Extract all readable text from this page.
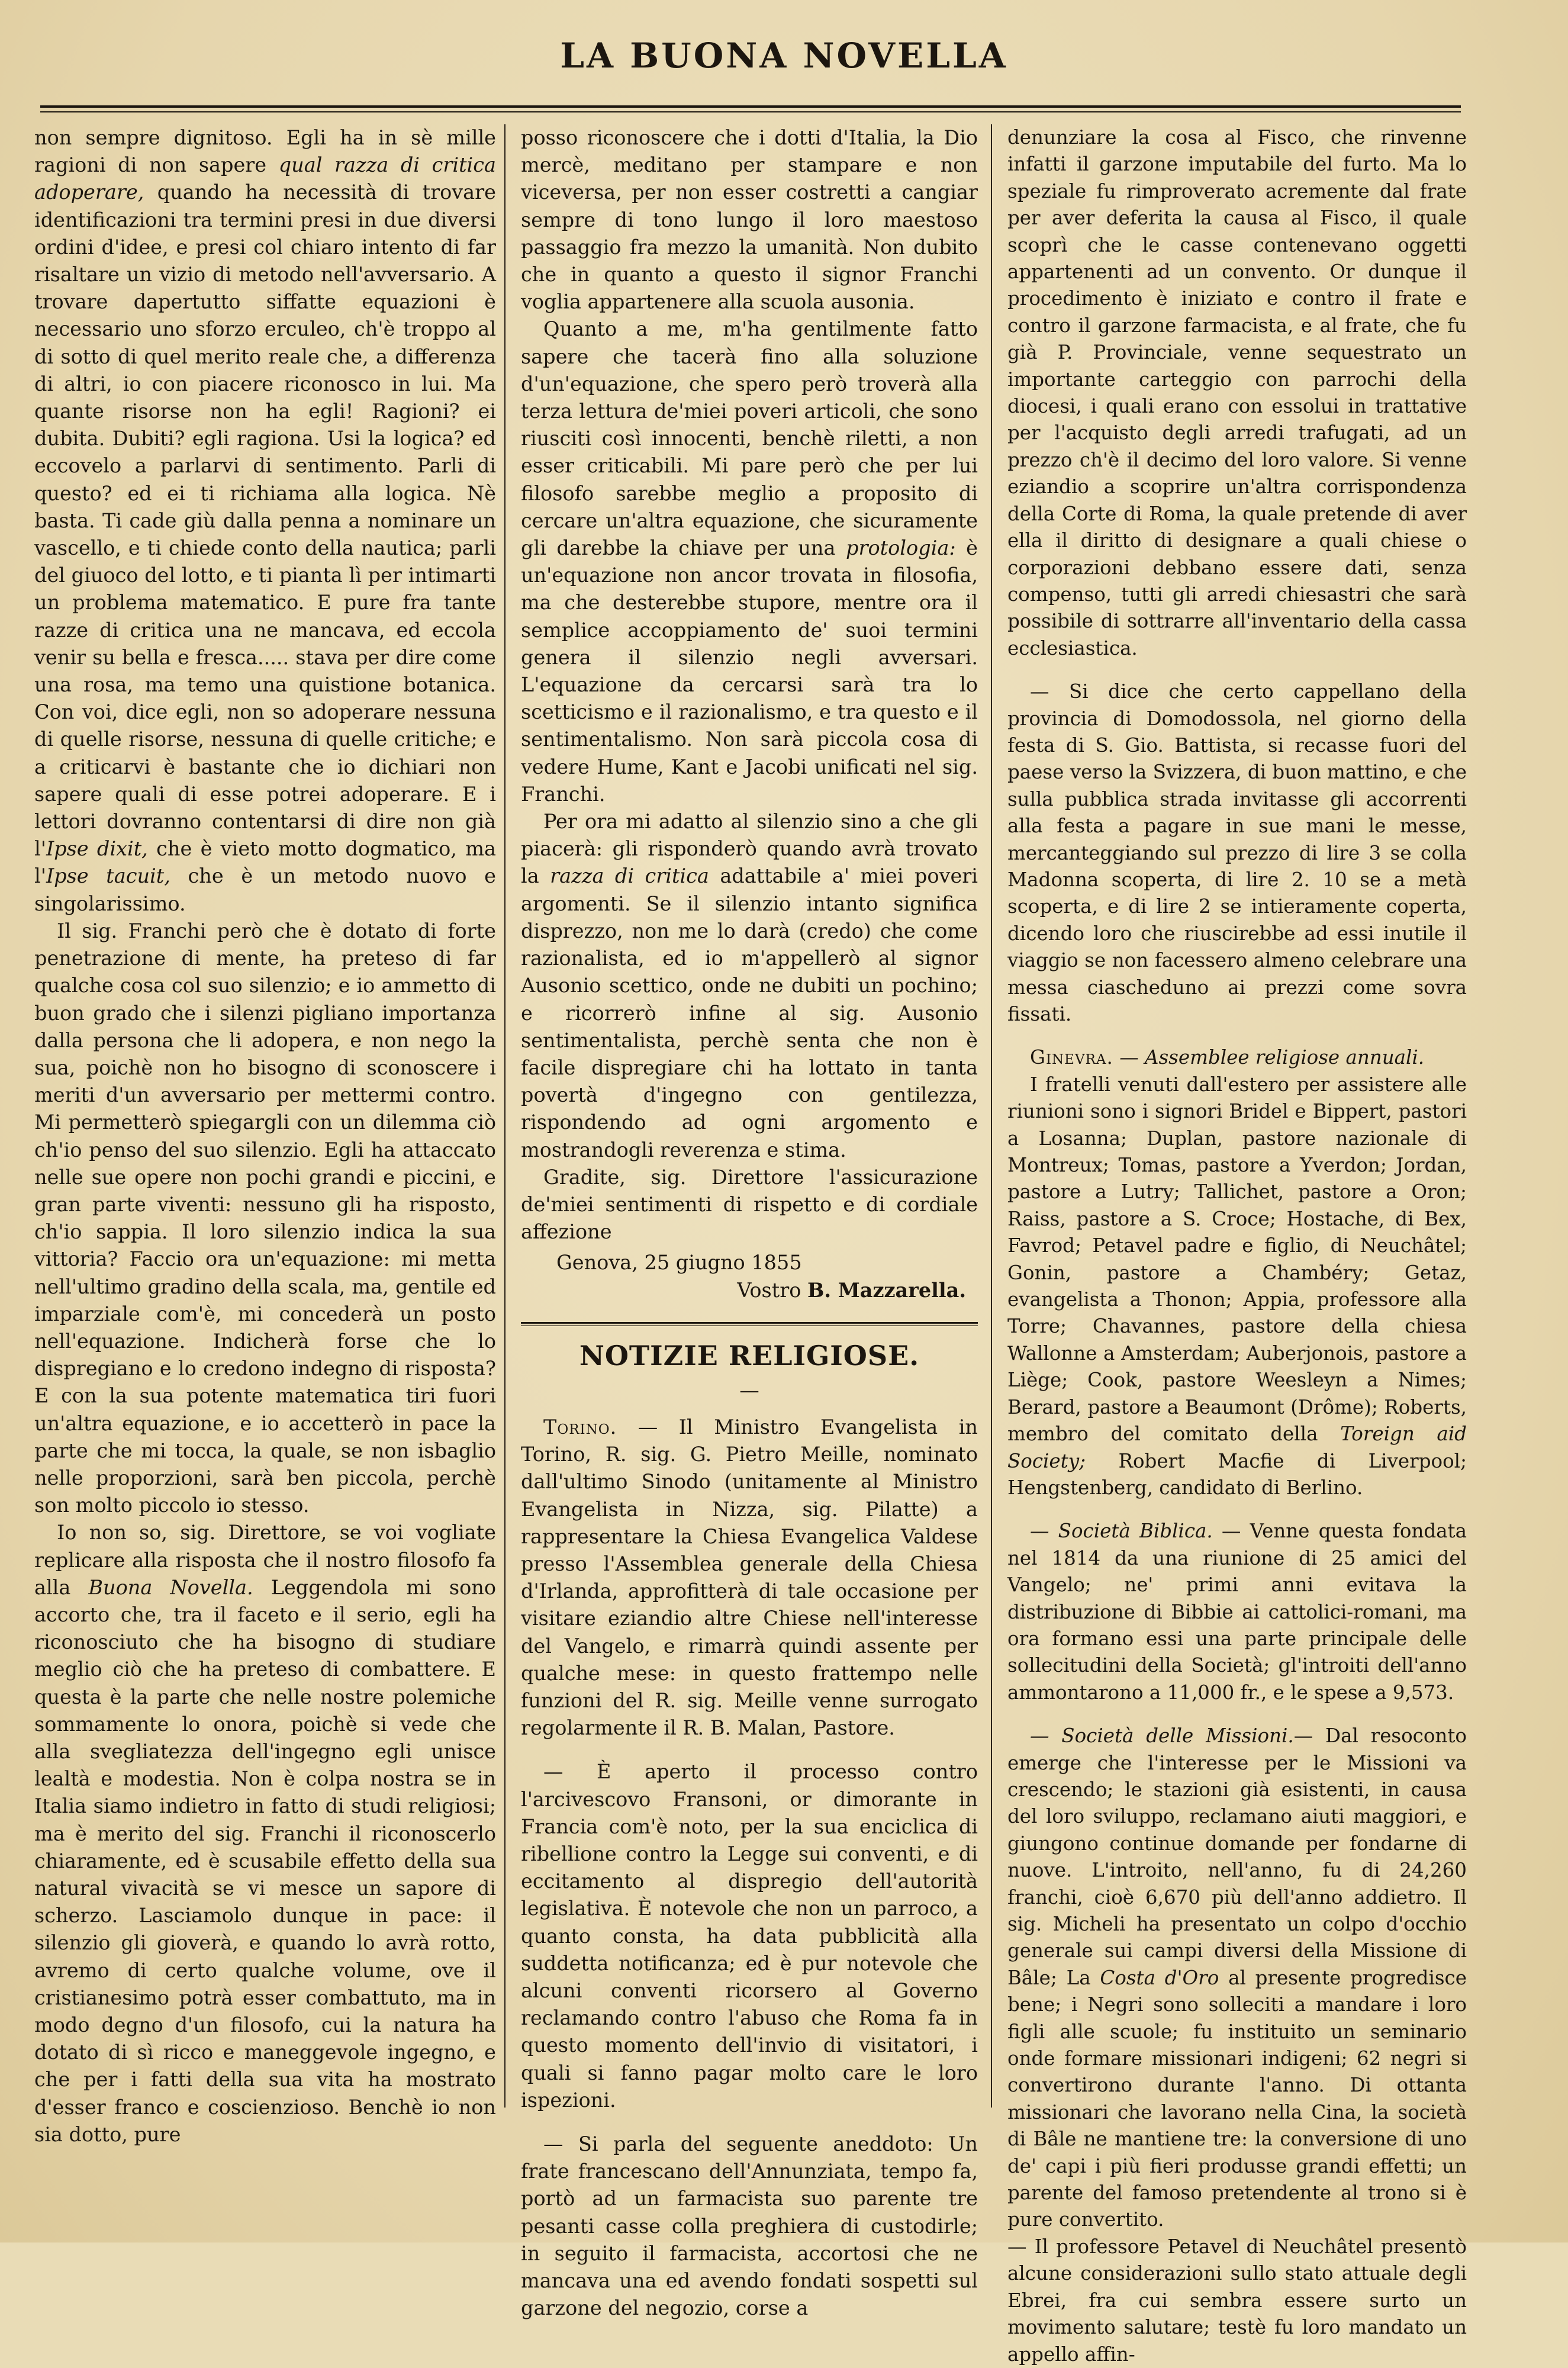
LA BUONA NOVELLA

non sempre dignitoso. Egli ha in sè mille ragioni di non sapere qual razza di critica adoperare, quando ha necessità di trovare identificazioni tra termini presi in due diversi ordini d'idee, e presi col chiaro intento di far risaltare un vizio di metodo nell'avversario. A trovare dapertutto siffatte equazioni è necessario uno sforzo erculeo, ch'è troppo al di sotto di quel merito reale che, a differenza di altri, io con piacere riconosco in lui. Ma quante risorse non ha egli! Ragioni? ei dubita. Dubiti? egli ragiona. Usi la logica? ed eccovelo a parlarvi di sentimento. Parli di questo? ed ei ti richiama alla logica. Nè basta. Ti cade giù dalla penna a nominare un vascello, e ti chiede conto della nautica; parli del giuoco del lotto, e ti pianta lì per intimarti un problema matematico. E pure fra tante razze di critica una ne mancava, ed eccola venir su bella e fresca..... stava per dire come una rosa, ma temo una quistione botanica. Con voi, dice egli, non so adoperare nessuna di quelle risorse, nessuna di quelle critiche; e a criticarvi è bastante che io dichiari non sapere quali di esse potrei adoperare. E i lettori dovranno contentarsi di dire non già l'Ipse dixit, che è vieto motto dogmatico, ma l'Ipse tacuit, che è un metodo nuovo e singolarissimo.

Il sig. Franchi però che è dotato di forte penetrazione di mente, ha preteso di far qualche cosa col suo silenzio; e io ammetto di buon grado che i silenzi pigliano importanza dalla persona che li adopera, e non nego la sua, poichè non ho bisogno di sconoscere i meriti d'un avversario per mettermi contro. Mi permetterò spiegargli con un dilemma ciò ch'io penso del suo silenzio. Egli ha attaccato nelle sue opere non pochi grandi e piccini, e gran parte viventi: nessuno gli ha risposto, ch'io sappia. Il loro silenzio indica la sua vittoria? Faccio ora un'equazione: mi metta nell'ultimo gradino della scala, ma, gentile ed imparziale com'è, mi concederà un posto nell'equazione. Indicherà forse che lo dispregiano e lo credono indegno di risposta? E con la sua potente matematica tiri fuori un'altra equazione, e io accetterò in pace la parte che mi tocca, la quale, se non isbaglio nelle proporzioni, sarà ben piccola, perchè son molto piccolo io stesso.

Io non so, sig. Direttore, se voi vogliate replicare alla risposta che il nostro filosofo fa alla Buona Novella. Leggendola mi sono accorto che, tra il faceto e il serio, egli ha riconosciuto che ha bisogno di studiare meglio ciò che ha preteso di combattere. E questa è la parte che nelle nostre polemiche sommamente lo onora, poichè si vede che alla svegliatezza dell'ingegno egli unisce lealtà e modestia. Non è colpa nostra se in Italia siamo indietro in fatto di studi religiosi; ma è merito del sig. Franchi il riconoscerlo chiaramente, ed è scusabile effetto della sua natural vivacità se vi mesce un sapore di scherzo. Lasciamolo dunque in pace: il silenzio gli gioverà, e quando lo avrà rotto, avremo di certo qualche volume, ove il cristianesimo potrà esser combattuto, ma in modo degno d'un filosofo, cui la natura ha dotato di sì ricco e maneggevole ingegno, e che per i fatti della sua vita ha mostrato d'esser franco e coscienzioso. Benchè io non sia dotto, pure

posso riconoscere che i dotti d'Italia, la Dio mercè, meditano per stampare e non viceversa, per non esser costretti a cangiar sempre di tono lungo il loro maestoso passaggio fra mezzo la umanità. Non dubito che in quanto a questo il signor Franchi voglia appartenere alla scuola ausonia.

Quanto a me, m'ha gentilmente fatto sapere che tacerà fino alla soluzione d'un'equazione, che spero però troverà alla terza lettura de'miei poveri articoli, che sono riusciti così innocenti, benchè riletti, a non esser criticabili. Mi pare però che per lui filosofo sarebbe meglio a proposito di cercare un'altra equazione, che sicuramente gli darebbe la chiave per una protologia: è un'equazione non ancor trovata in filosofia, ma che desterebbe stupore, mentre ora il semplice accoppiamento de' suoi termini genera il silenzio negli avversari. L'equazione da cercarsi sarà tra lo scetticismo e il razionalismo, e tra questo e il sentimentalismo. Non sarà piccola cosa di vedere Hume, Kant e Jacobi unificati nel sig. Franchi.

Per ora mi adatto al silenzio sino a che gli piacerà: gli risponderò quando avrà trovato la razza di critica adattabile a' miei poveri argomenti. Se il silenzio intanto significa disprezzo, non me lo darà (credo) che come razionalista, ed io m'appellerò al signor Ausonio scettico, onde ne dubiti un pochino; e ricorrerò infine al sig. Ausonio sentimentalista, perchè senta che non è facile dispregiare chi ha lottato in tanta povertà d'ingegno con gentilezza, rispondendo ad ogni argomento e mostrandogli reverenza e stima.

Gradite, sig. Direttore l'assicurazione de'miei sentimenti di rispetto e di cordiale affezione

Genova, 25 giugno 1855

Vostro B. Mazzarella.

NOTIZIE RELIGIOSE.
—

Torino. — Il Ministro Evangelista in Torino, R. sig. G. Pietro Meille, nominato dall'ultimo Sinodo (unitamente al Ministro Evangelista in Nizza, sig. Pilatte) a rappresentare la Chiesa Evangelica Valdese presso l'Assemblea generale della Chiesa d'Irlanda, approfitterà di tale occasione per visitare eziandio altre Chiese nell'interesse del Vangelo, e rimarrà quindi assente per qualche mese: in questo frattempo nelle funzioni del R. sig. Meille venne surrogato regolarmente il R. B. Malan, Pastore.

— È aperto il processo contro l'arcivescovo Fransoni, or dimorante in Francia com'è noto, per la sua enciclica di ribellione contro la Legge sui conventi, e di eccitamento al dispregio dell'autorità legislativa. È notevole che non un parroco, a quanto consta, ha data pubblicità alla suddetta notificanza; ed è pur notevole che alcuni conventi ricorsero al Governo reclamando contro l'abuso che Roma fa in questo momento dell'invio di visitatori, i quali si fanno pagar molto care le loro ispezioni.

— Si parla del seguente aneddoto: Un frate francescano dell'Annunziata, tempo fa, portò ad un farmacista suo parente tre pesanti casse colla preghiera di custodirle; in seguito il farmacista, accortosi che ne mancava una ed avendo fondati sospetti sul garzone del negozio, corse a

denunziare la cosa al Fisco, che rinvenne infatti il garzone imputabile del furto. Ma lo speziale fu rimproverato acremente dal frate per aver deferita la causa al Fisco, il quale scoprì che le casse contenevano oggetti appartenenti ad un convento. Or dunque il procedimento è iniziato e contro il frate e contro il garzone farmacista, e al frate, che fu già P. Provinciale, venne sequestrato un importante carteggio con parrochi della diocesi, i quali erano con essolui in trattative per l'acquisto degli arredi trafugati, ad un prezzo ch'è il decimo del loro valore. Si venne eziandio a scoprire un'altra corrispondenza della Corte di Roma, la quale pretende di aver ella il diritto di designare a quali chiese o corporazioni debbano essere dati, senza compenso, tutti gli arredi chiesastri che sarà possibile di sottrarre all'inventario della cassa ecclesiastica.

— Si dice che certo cappellano della provincia di Domodossola, nel giorno della festa di S. Gio. Battista, si recasse fuori del paese verso la Svizzera, di buon mattino, e che sulla pubblica strada invitasse gli accorrenti alla festa a pagare in sue mani le messe, mercanteggiando sul prezzo di lire 3 se colla Madonna scoperta, di lire 2. 10 se a metà scoperta, e di lire 2 se intieramente coperta, dicendo loro che riuscirebbe ad essi inutile il viaggio se non facessero almeno celebrare una messa ciascheduno ai prezzi come sovra fissati.

Ginevra. — Assemblee religiose annuali.

I fratelli venuti dall'estero per assistere alle riunioni sono i signori Bridel e Bippert, pastori a Losanna; Duplan, pastore nazionale di Montreux; Tomas, pastore a Yverdon; Jordan, pastore a Lutry; Tallichet, pastore a Oron; Raiss, pastore a S. Croce; Hostache, di Bex, Favrod; Petavel padre e figlio, di Neuchâtel; Gonin, pastore a Chambéry; Getaz, evangelista a Thonon; Appia, professore alla Torre; Chavannes, pastore della chiesa Wallonne a Amsterdam; Auberjonois, pastore a Liège; Cook, pastore Weesleyn a Nimes; Berard, pastore a Beaumont (Drôme); Roberts, membro del comitato della Toreign aid Society; Robert Macfie di Liverpool; Hengstenberg, candidato di Berlino.

— Società Biblica. — Venne questa fondata nel 1814 da una riunione di 25 amici del Vangelo; ne' primi anni evitava la distribuzione di Bibbie ai cattolici-romani, ma ora formano essi una parte principale delle sollecitudini della Società; gl'introiti dell'anno ammontarono a 11,000 fr., e le spese a 9,573.

— Società delle Missioni.— Dal resoconto emerge che l'interesse per le Missioni va crescendo; le stazioni già esistenti, in causa del loro sviluppo, reclamano aiuti maggiori, e giungono continue domande per fondarne di nuove. L'introito, nell'anno, fu di 24,260 franchi, cioè 6,670 più dell'anno addietro. Il sig. Micheli ha presentato un colpo d'occhio generale sui campi diversi della Missione di Bâle; La Costa d'Oro al presente progredisce bene; i Negri sono solleciti a mandare i loro figli alle scuole; fu instituito un seminario onde formare missionari indigeni; 62 negri si convertirono durante l'anno. Di ottanta missionari che lavorano nella Cina, la società di Bâle ne mantiene tre: la conversione di uno de' capi i più fieri produsse grandi effetti; un parente del famoso pretendente al trono si è pure convertito.

— Il professore Petavel di Neuchâtel presentò alcune considerazioni sullo stato attuale degli Ebrei, fra cui sembra essere surto un movimento salutare; testè fu loro mandato un appello affin-
